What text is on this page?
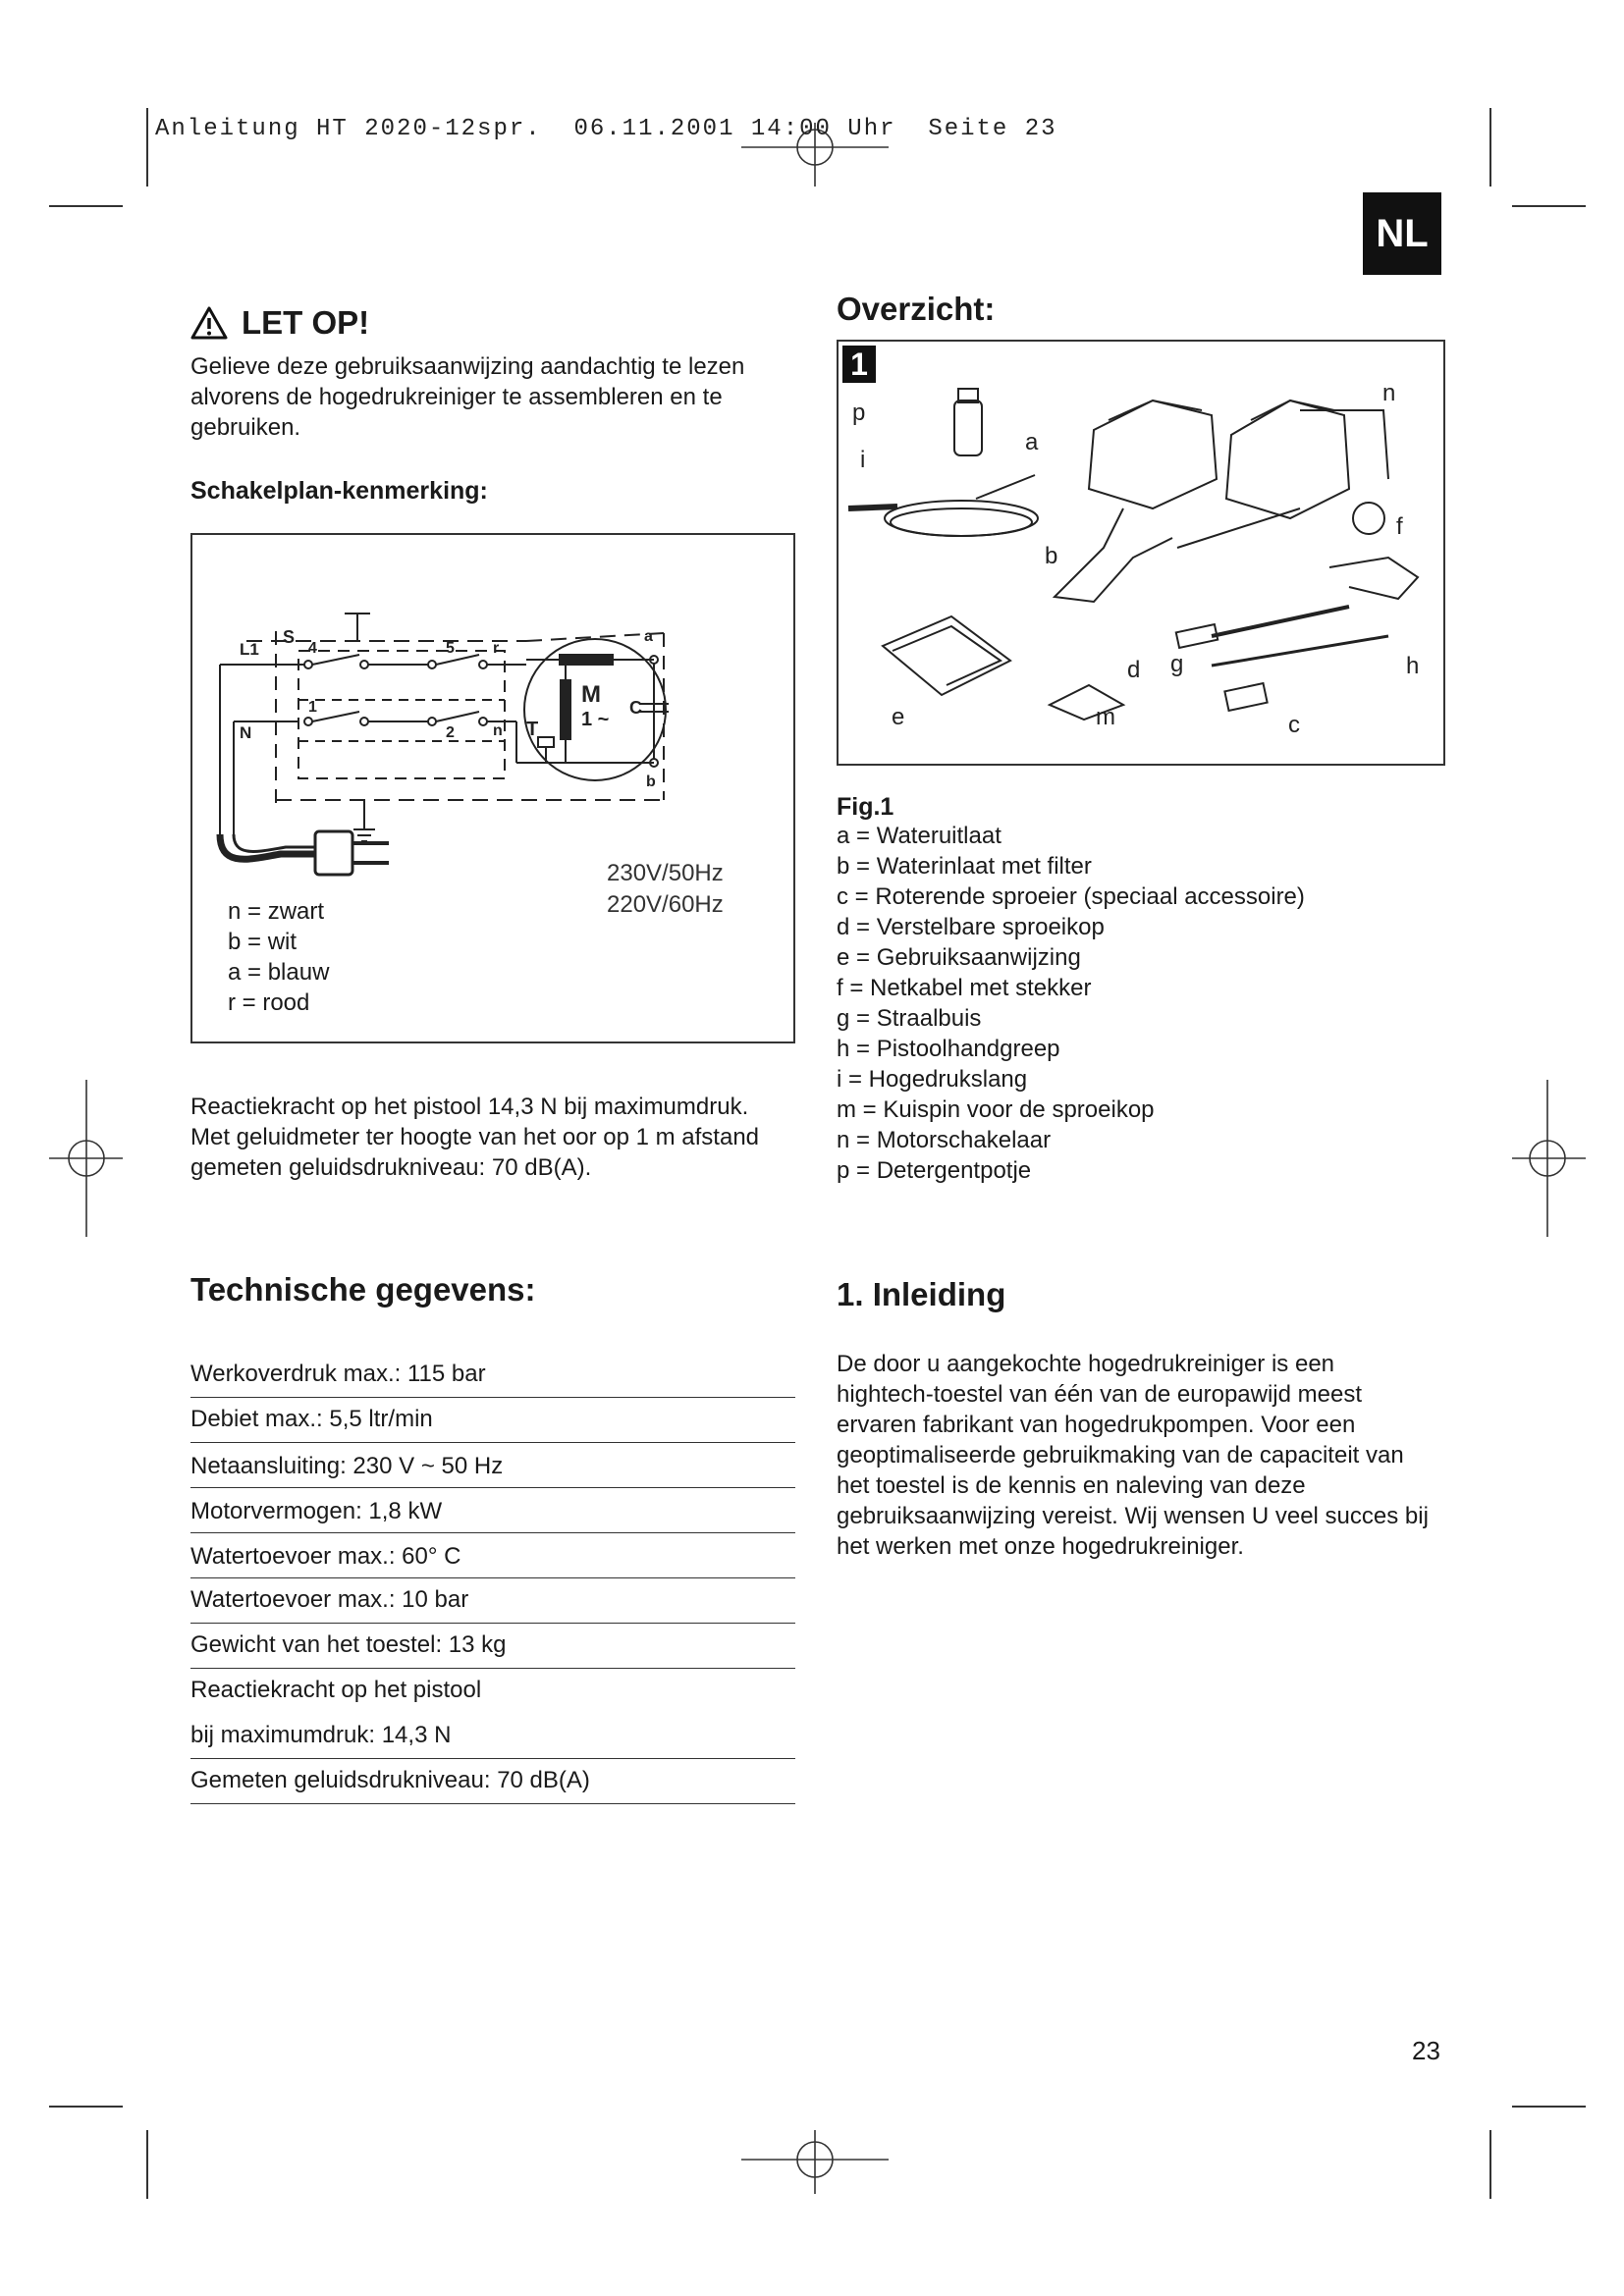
Anleitung HT 2020-12spr.  06.11.2001 14:00 Uhr  Seite 23
NL
LET OP!
Gelieve deze gebruiksaanwijzing aandachtig te lezen alvorens de hogedrukreiniger te assembleren en te gebruiken.
Schakelplan-kenmerking:
S
L1
N
4	5
1
2
r
n
a
b
C
M
1 ~
T
230V/50Hz
220V/60Hz
n = zwart
b = wit
a = blauw
r = rood
Reactiekracht op het pistool 14,3 N bij maximumdruk. Met geluidmeter ter hoogte van het oor op 1 m afstand gemeten geluidsdrukniveau: 70 dB(A).
Technische gegevens:
Werkoverdruk max.: 115 bar
Debiet max.: 5,5 ltr/min
Netaansluiting: 230 V ~ 50 Hz
Motorvermogen: 1,8 kW
Watertoevoer max.: 60° C
Watertoevoer max.: 10 bar
Gewicht van het toestel: 13 kg
Reactiekracht op het pistool
bij maximumdruk: 14,3 N
Gemeten geluidsdrukniveau: 70 dB(A)
Overzicht:
1
p
i
a
b
n
f
h
g
d
e	m	c
Fig.1
a = Wateruitlaat
b = Waterinlaat met filter
c = Roterende sproeier (speciaal accessoire)
d = Verstelbare sproeikop
e = Gebruiksaanwijzing
f = Netkabel met stekker
g = Straalbuis
h = Pistoolhandgreep
i = Hogedrukslang
m = Kuispin voor de sproeikop
n = Motorschakelaar
p = Detergentpotje
1. Inleiding
De door u aangekochte hogedrukreiniger is een hightech-toestel van één van de europawijd meest ervaren fabrikant van hogedrukpompen. Voor een geoptimaliseerde gebruikmaking van de capaciteit van het toestel is de kennis en naleving van deze gebruiksaanwijzing vereist. Wij wensen U veel succes bij het werken met onze hogedrukreiniger.
23
